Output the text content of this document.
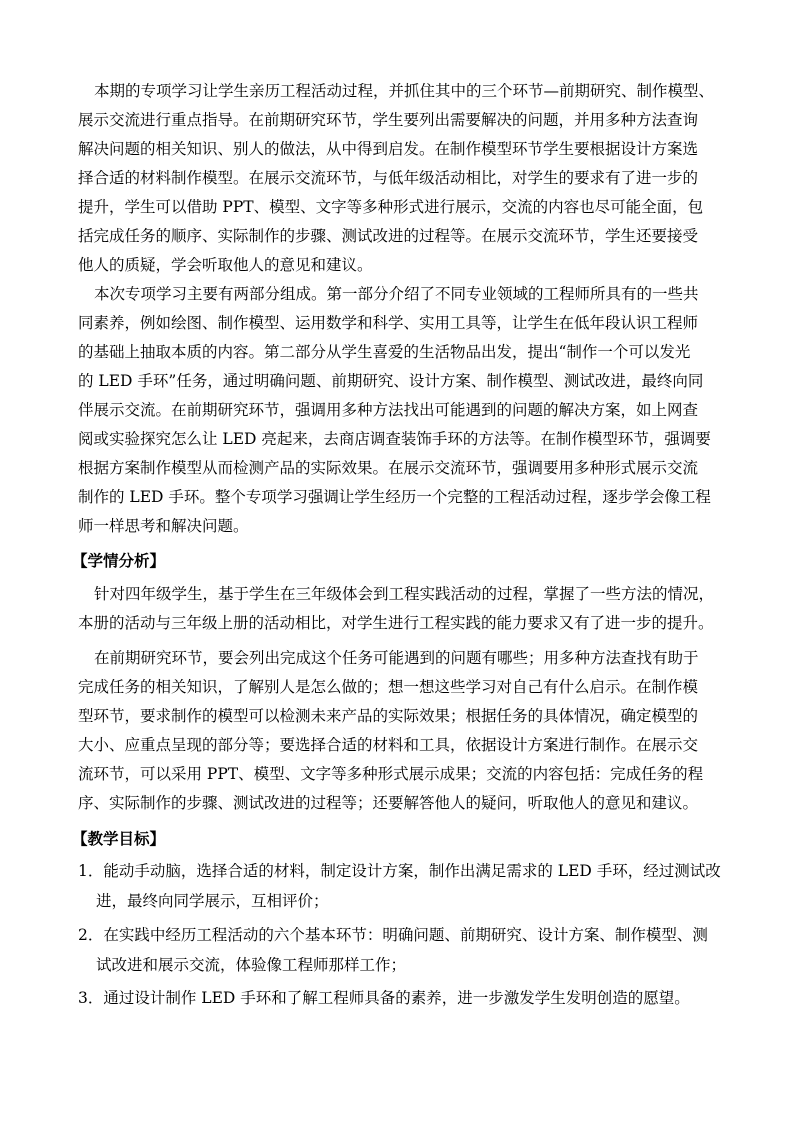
本期的专项学习让学生亲历工程活动过程，并抓住其中的三个环节—前期研究、制作模型、
展示交流进行重点指导。在前期研究环节，学生要列出需要解决的问题，并用多种方法查询
解决问题的相关知识、别人的做法，从中得到启发。在制作模型环节学生要根据设计方案选
择合适的材料制作模型。在展示交流环节，与低年级活动相比，对学生的要求有了进一步的
提升，学生可以借助 PPT、模型、文字等多种形式进行展示，交流的内容也尽可能全面，包
括完成任务的顺序、实际制作的步骤、测试改进的过程等。在展示交流环节，学生还要接受
他人的质疑，学会听取他人的意见和建议。
本次专项学习主要有两部分组成。第一部分介绍了不同专业领域的工程师所具有的一些共
同素养，例如绘图、制作模型、运用数学和科学、实用工具等，让学生在低年段认识工程师
的基础上抽取本质的内容。第二部分从学生喜爱的生活物品出发，提出“制作一个可以发光
的 LED 手环”任务，通过明确问题、前期研究、设计方案、制作模型、测试改进，最终向同
伴展示交流。在前期研究环节，强调用多种方法找出可能遇到的问题的解决方案，如上网查
阅或实验探究怎么让 LED 亮起来，去商店调查装饰手环的方法等。在制作模型环节，强调要
根据方案制作模型从而检测产品的实际效果。在展示交流环节，强调要用多种形式展示交流
制作的 LED 手环。整个专项学习强调让学生经历一个完整的工程活动过程，逐步学会像工程
师一样思考和解决问题。
【学情分析】
针对四年级学生，基于学生在三年级体会到工程实践活动的过程，掌握了一些方法的情况，
本册的活动与三年级上册的活动相比，对学生进行工程实践的能力要求又有了进一步的提升。
在前期研究环节，要会列出完成这个任务可能遇到的问题有哪些；用多种方法查找有助于
完成任务的相关知识，了解别人是怎么做的；想一想这些学习对自己有什么启示。在制作模
型环节，要求制作的模型可以检测未来产品的实际效果；根据任务的具体情况，确定模型的
大小、应重点呈现的部分等；要选择合适的材料和工具，依据设计方案进行制作。在展示交
流环节，可以采用 PPT、模型、文字等多种形式展示成果；交流的内容包括：完成任务的程
序、实际制作的步骤、测试改进的过程等；还要解答他人的疑问，听取他人的意见和建议。
【教学目标】
1．能动手动脑，选择合适的材料，制定设计方案，制作出满足需求的 LED 手环，经过测试改
进，最终向同学展示，互相评价；
2．在实践中经历工程活动的六个基本环节：明确问题、前期研究、设计方案、制作模型、测
试改进和展示交流，体验像工程师那样工作；
3．通过设计制作 LED 手环和了解工程师具备的素养，进一步激发学生发明创造的愿望。
